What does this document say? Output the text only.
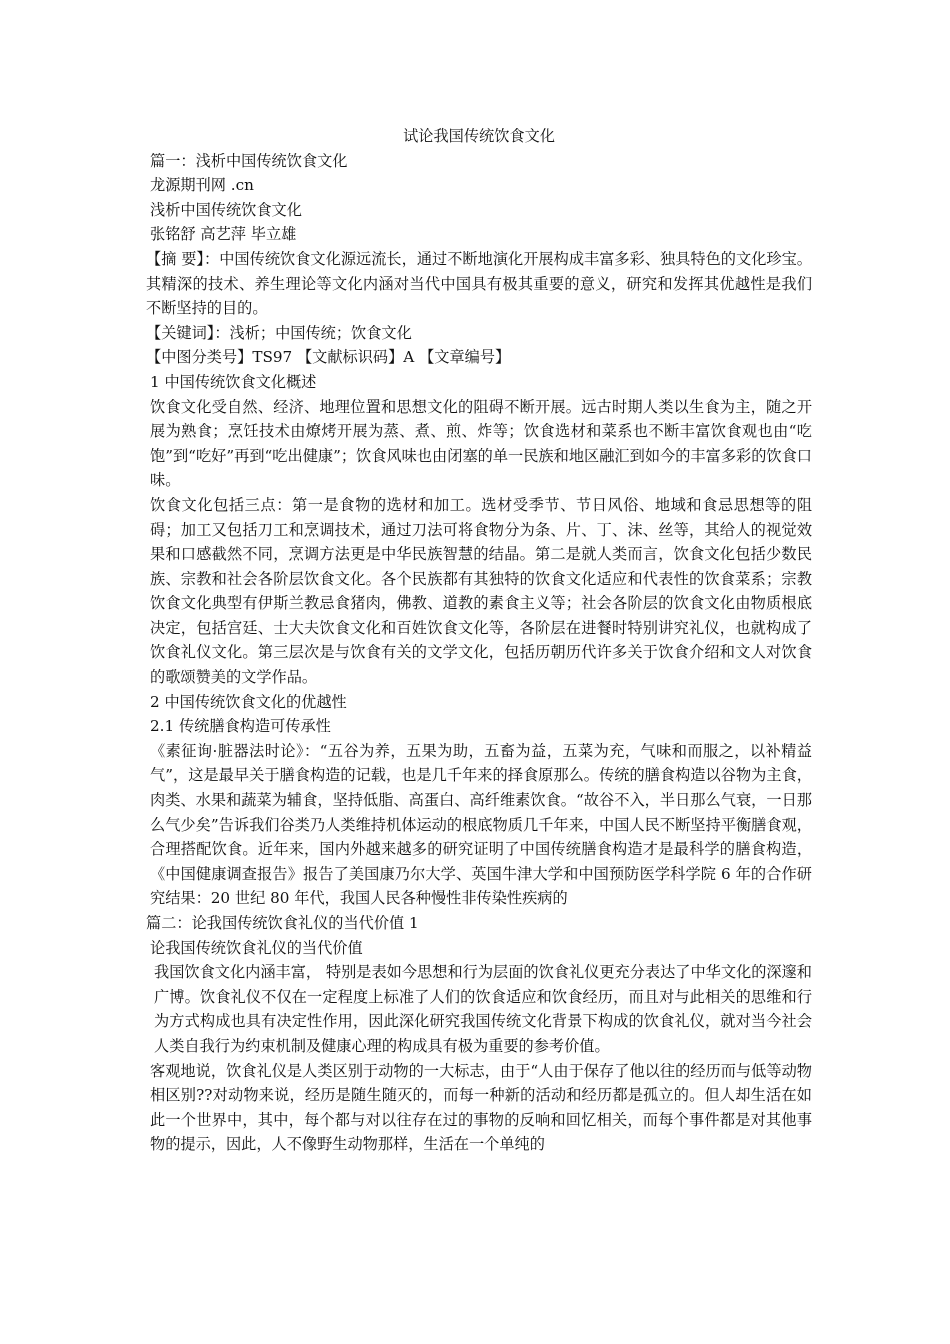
试论我国传统饮食文化
篇一：浅析中国传统饮食文化
龙源期刊网 .cn
浅析中国传统饮食文化
张铭舒 高艺萍 毕立雄
【摘 要】：中国传统饮食文化源远流长，通过不断地演化开展构成丰富多彩、独具特色的文化珍宝。其精深的技术、养生理论等文化内涵对当代中国具有极其重要的意义，研究和发挥其优越性是我们不断坚持的目的。
【关键词】：浅析；中国传统；饮食文化
【中图分类号】TS97 【文献标识码】A 【文章编号】
1 中国传统饮食文化概述
饮食文化受自然、经济、地理位置和思想文化的阻碍不断开展。远古时期人类以生食为主，随之开展为熟食；烹饪技术由燎烤开展为蒸、煮、煎、炸等；饮食选材和菜系也不断丰富饮食观也由“吃 饱”到“吃好”再到“吃出健康”；饮食风味也由闭塞的单一民族和地区融汇到如今的丰富多彩的饮食口味。
饮食文化包括三点：第一是食物的选材和加工。选材受季节、节日风俗、地域和食忌思想等的阻碍；加工又包括刀工和烹调技术，通过刀法可将食物分为条、片、丁、沫、丝等，其给人的视觉效果和口感截然不同，烹调方法更是中华民族智慧的结晶。第二是就人类而言，饮食文化包括少数民族、宗教和社会各阶层饮食文化。各个民族都有其独特的饮食文化适应和代表性的饮食菜系；宗教饮食文化典型有伊斯兰教忌食猪肉，佛教、道教的素食主义等；社会各阶层的饮食文化由物质根底决定，包括宫廷、士大夫饮食文化和百姓饮食文化等，各阶层在进餐时特别讲究礼仪，也就构成了饮食礼仪文化。第三层次是与饮食有关的文学文化，包括历朝历代许多关于饮食介绍和文人对饮食的歌颂赞美的文学作品。
2 中国传统饮食文化的优越性
2.1 传统膳食构造可传承性
《素征询·脏器法时论》：“五谷为养，五果为助，五畜为益，五菜为充，气味和而服之，以补精益气”，这是最早关于膳食构造的记载，也是几千年来的择食原那么。传统的膳食构造以谷物为主食，肉类、水果和蔬菜为辅食，坚持低脂、高蛋白、高纤维素饮食。“故谷不入，半日那么气衰，一日那么气少矣”告诉我们谷类乃人类维持机体运动的根底物质几千年来，中国人民不断坚持平衡膳食观，合理搭配饮食。近年来，国内外越来越多的研究证明了中国传统膳食构造才是最科学的膳食构造，《中国健康调查报告》报告了美国康乃尔大学、英国牛津大学和中国预防医学科学院 6 年的合作研究结果：20 世纪 80 年代，我国人民各种慢性非传染性疾病的
篇二：论我国传统饮食礼仪的当代价值 1
论我国传统饮食礼仪的当代价值
我国饮食文化内涵丰富， 特别是表如今思想和行为层面的饮食礼仪更充分表达了中华文化的深邃和广博。饮食礼仪不仅在一定程度上标准了人们的饮食适应和饮食经历，而且对与此相关的思维和行为方式构成也具有决定性作用，因此深化研究我国传统文化背景下构成的饮食礼仪，就对当今社会人类自我行为约束机制及健康心理的构成具有极为重要的参考价值。
客观地说，饮食礼仪是人类区别于动物的一大标志，由于“人由于保存了他以往的经历而与低等动物相区别??对动物来说，经历是随生随灭的，而每一种新的活动和经历都是孤立的。但人却生活在如此一个世界中，其中，每个都与对以往存在过的事物的反响和回忆相关，而每个事件都是对其他事物的提示，因此，人不像野生动物那样，生活在一个单纯的
